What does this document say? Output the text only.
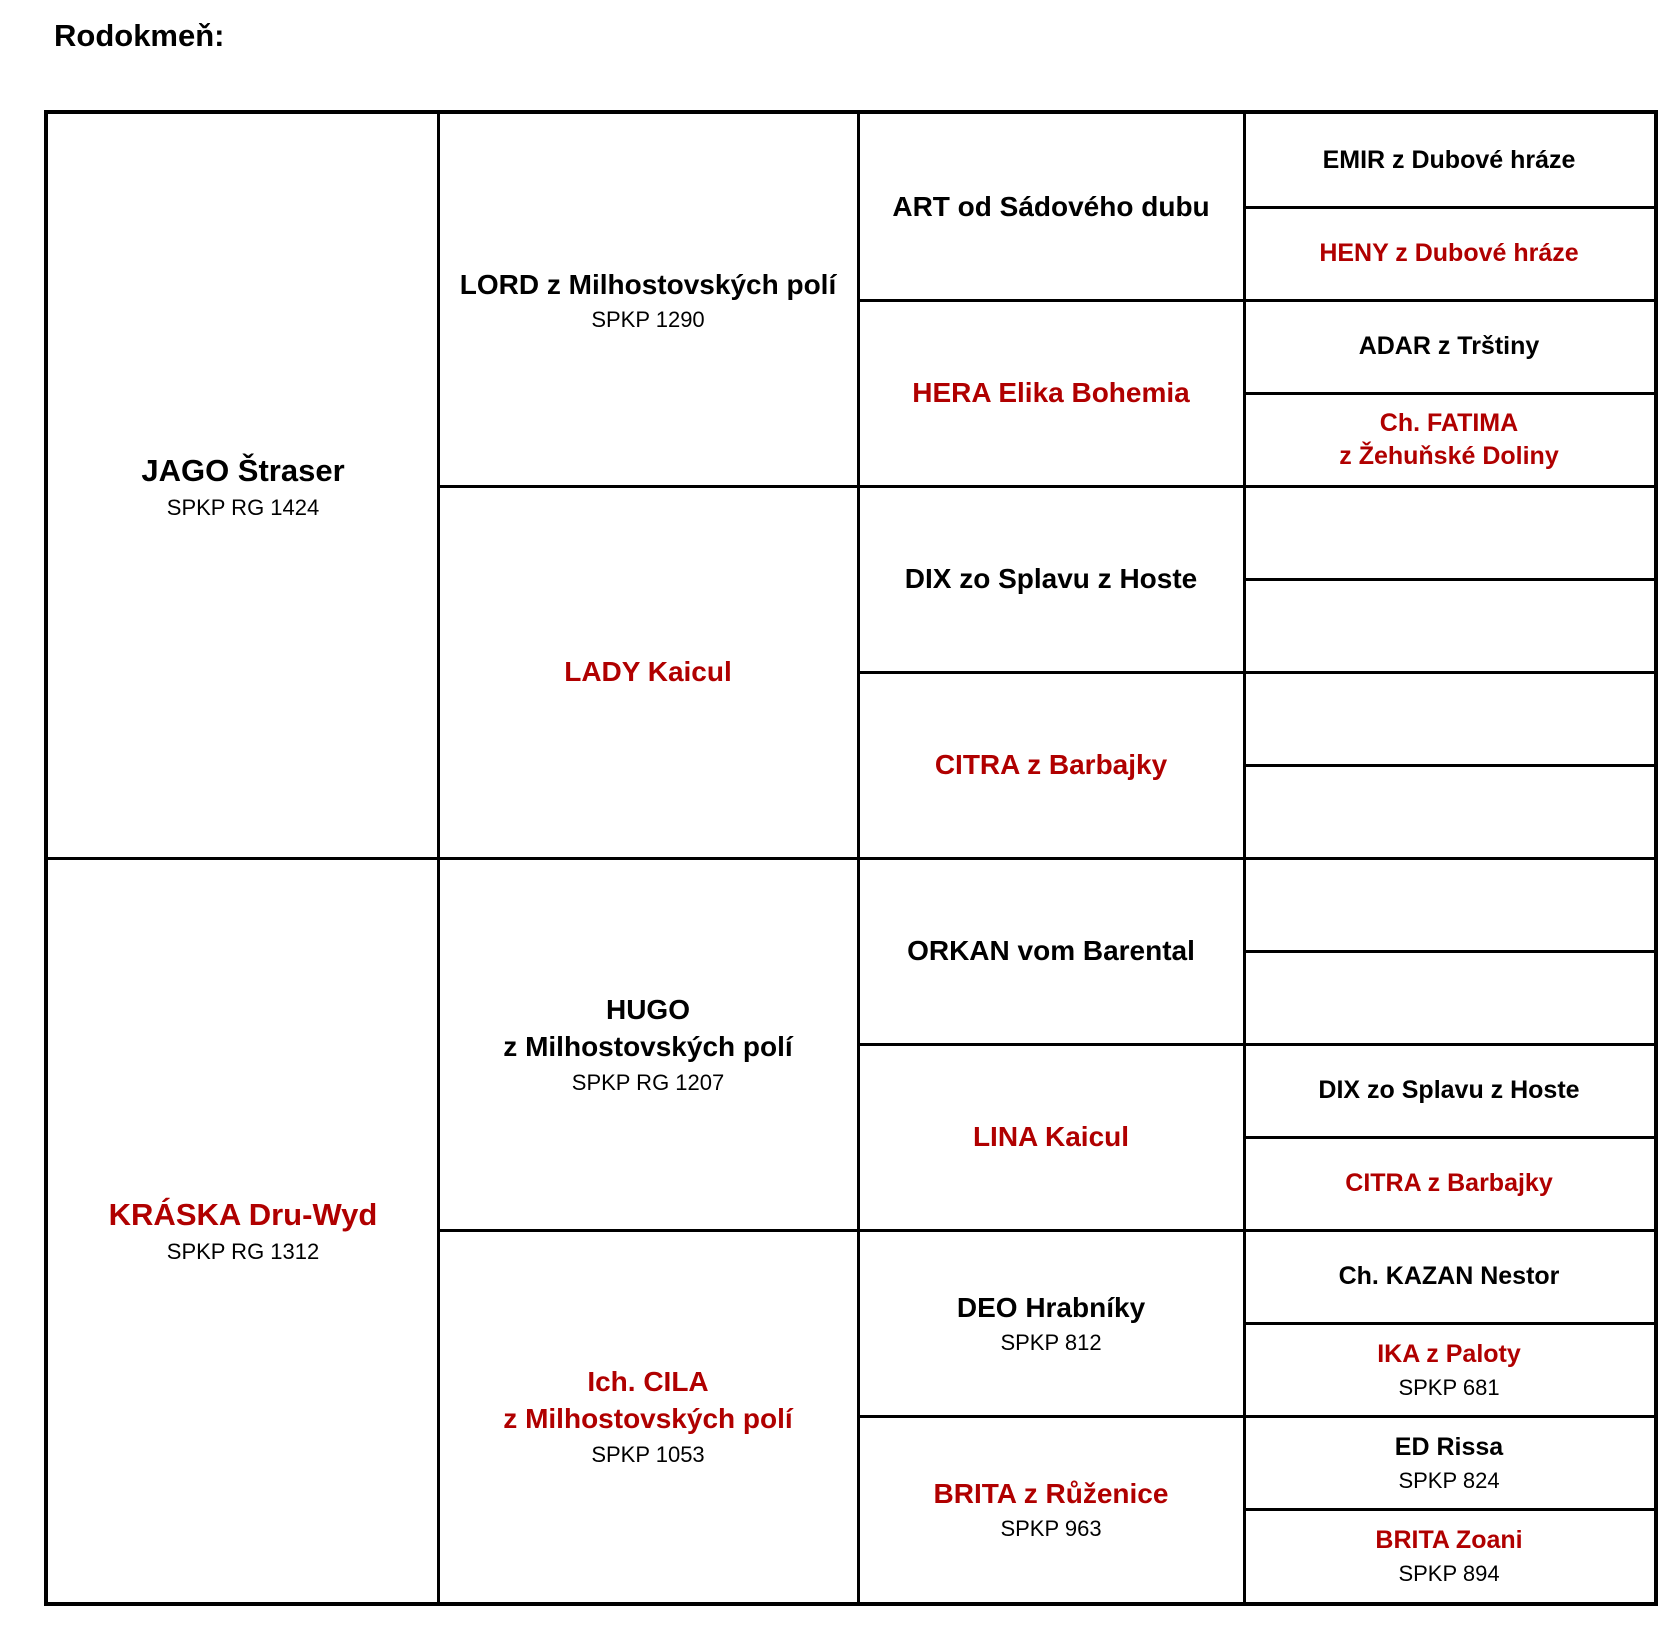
Rodokmeň:
JAGO Štraser
SPKP RG 1424
KRÁSKA Dru-Wyd
SPKP RG 1312
LORD z Milhostovských polí
SPKP 1290
LADY Kaicul
HUGO
z Milhostovských polí
SPKP RG 1207
Ich. CILA
z Milhostovských polí
SPKP 1053
ART od Sádového dubu
HERA Elika Bohemia
DIX zo Splavu z Hoste
CITRA z Barbajky
ORKAN vom Barental
LINA Kaicul
DEO Hrabníky
SPKP 812
BRITA z Růženice
SPKP 963
EMIR z Dubové hráze
HENY z Dubové hráze
ADAR z Trštiny
Ch. FATIMA
z Žehuňské Doliny
DIX zo Splavu z Hoste
CITRA z Barbajky
Ch. KAZAN Nestor
IKA z Paloty
SPKP 681
ED Rissa
SPKP 824
BRITA Zoani
SPKP 894
